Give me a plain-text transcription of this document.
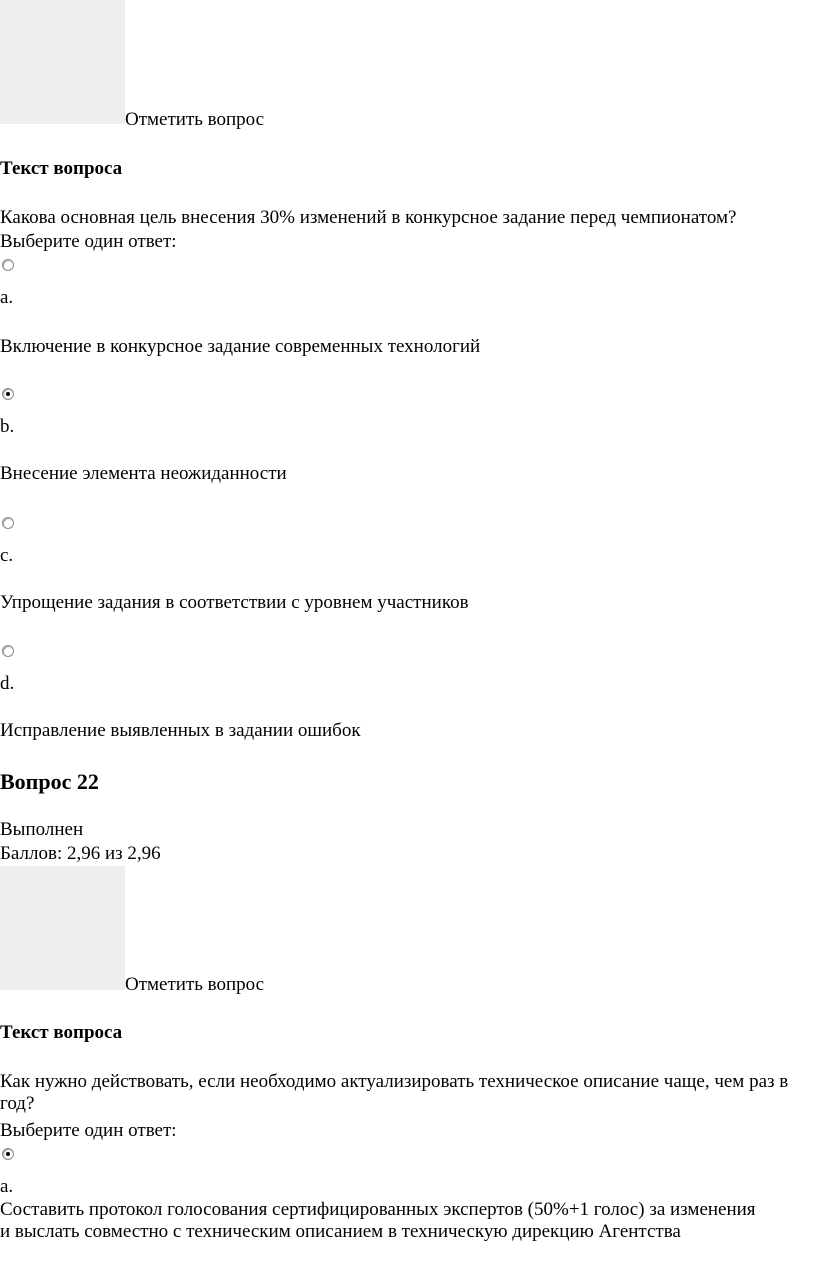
Отметить вопрос
Текст вопроса
Какова основная цель внесения 30% изменений в конкурсное задание перед чемпионатом?
Выберите один ответ:
a.
Включение в конкурсное задание современных технологий
b.
Внесение элемента неожиданности
c.
Упрощение задания в соответствии с уровнем участников
d.
Исправление выявленных в задании ошибок
Вопрос 22
Выполнен
Баллов: 2,96 из 2,96
Отметить вопрос
Текст вопроса
Как нужно действовать, если необходимо актуализировать техническое описание чаще, чем раз в год?
Выберите один ответ:
a.
Составить протокол голосования сертифицированных экспертов (50%+1 голос) за изменения и выслать совместно с техническим описанием в техническую дирекцию Агентства
